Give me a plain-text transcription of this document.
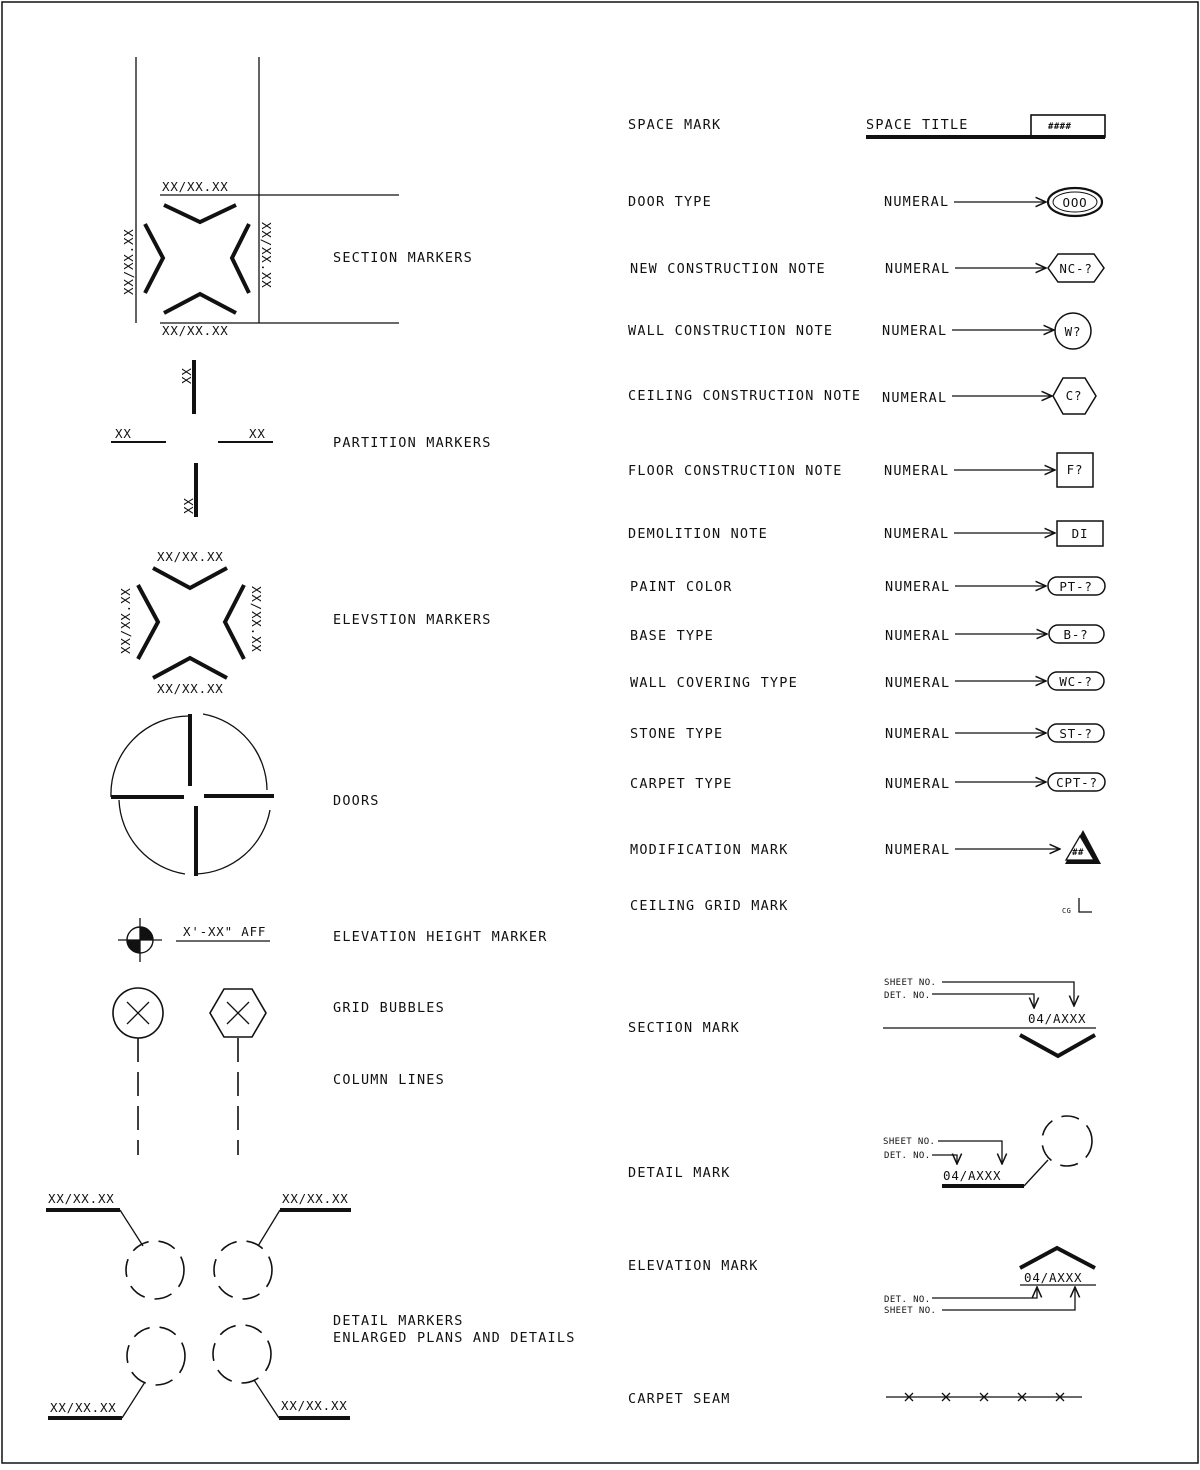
XX/XX.XX
XX/XX.XX
XX/XX.XX	XX/XX.XX	SECTION MARKERS
XX	XX
XX
XX
PARTITION MARKERS
XX/XX.XX
XX/XX.XX
XX/XX.XX	XX/XX.XX	ELEVSTION MARKERS
DOORS
X'-XX" AFF	ELEVATION HEIGHT MARKER
GRID BUBBLES
COLUMN LINES
XX/XX.XX	XX/XX.XX
XX/XX.XX	XX/XX.XX
DETAIL MARKERS
ENLARGED PLANS AND DETAILS
SPACE MARK	SPACE TITLE	####
DOOR TYPE	NUMERAL	OOO
NEW CONSTRUCTION NOTE	NUMERAL	NC-?
WALL CONSTRUCTION NOTE	NUMERAL	W?
CEILING CONSTRUCTION NOTE NUMERAL	C?
FLOOR CONSTRUCTION NOTE	NUMERAL	F?
DEMOLITION NOTE	NUMERAL	DI
PAINT COLOR	NUMERAL	PT-?
BASE TYPE	NUMERAL	B-?
WALL COVERING TYPE	NUMERAL	WC-?
STONE TYPE	NUMERAL	ST-?
CARPET TYPE	NUMERAL	CPT-?
MODIFICATION MARK	NUMERAL	##
CEILING GRID MARK	CG
SECTION MARK
SHEET NO.
DET. NO.
04/AXXX
DETAIL MARK
SHEET NO.
DET. NO.
04/AXXX
ELEVATION MARK
04/AXXX
DET. NO.
SHEET NO.
CARPET SEAM
